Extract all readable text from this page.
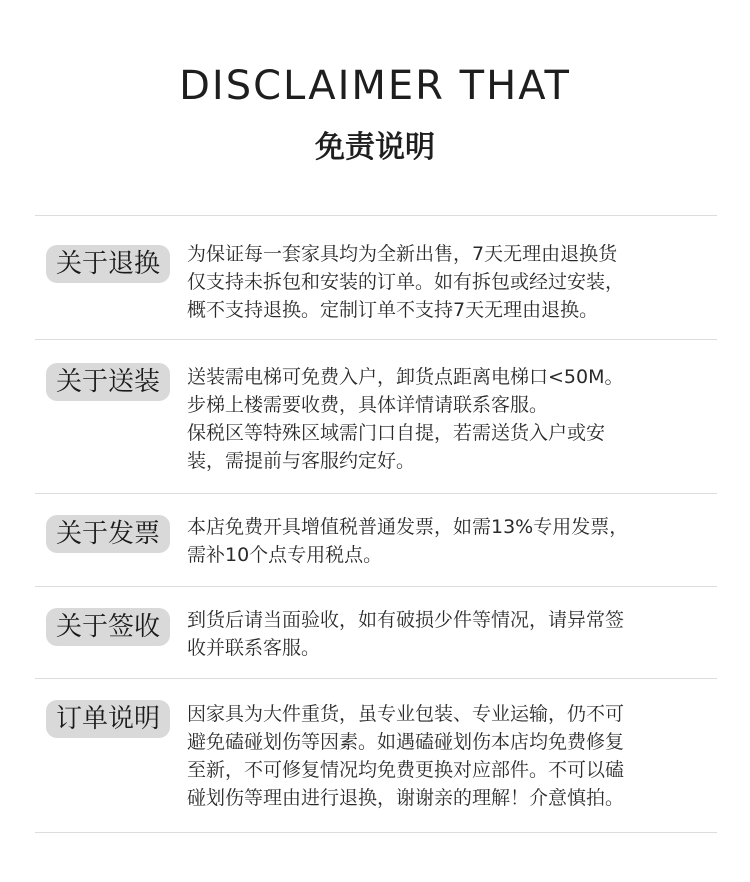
DISCLAIMER THAT
免责说明
关于退换	为保证每一套家具均为全新出售，7天无理由退换货
仅支持未拆包和安装的订单。如有拆包或经过安装，
概不支持退换。定制订单不支持7天无理由退换。
关于送装	送装需电梯可免费入户，卸货点距离电梯口<50M。
步梯上楼需要收费，具体详情请联系客服。
保税区等特殊区域需门口自提，若需送货入户或安
装，需提前与客服约定好。
关于发票	本店免费开具增值税普通发票，如需13%专用发票，
需补10个点专用税点。
关于签收	到货后请当面验收，如有破损少件等情况，请异常签
收并联系客服。
订单说明	因家具为大件重货，虽专业包装、专业运输，仍不可
避免磕碰划伤等因素。如遇磕碰划伤本店均免费修复
至新，不可修复情况均免费更换对应部件。不可以磕
碰划伤等理由进行退换，谢谢亲的理解！介意慎拍。
